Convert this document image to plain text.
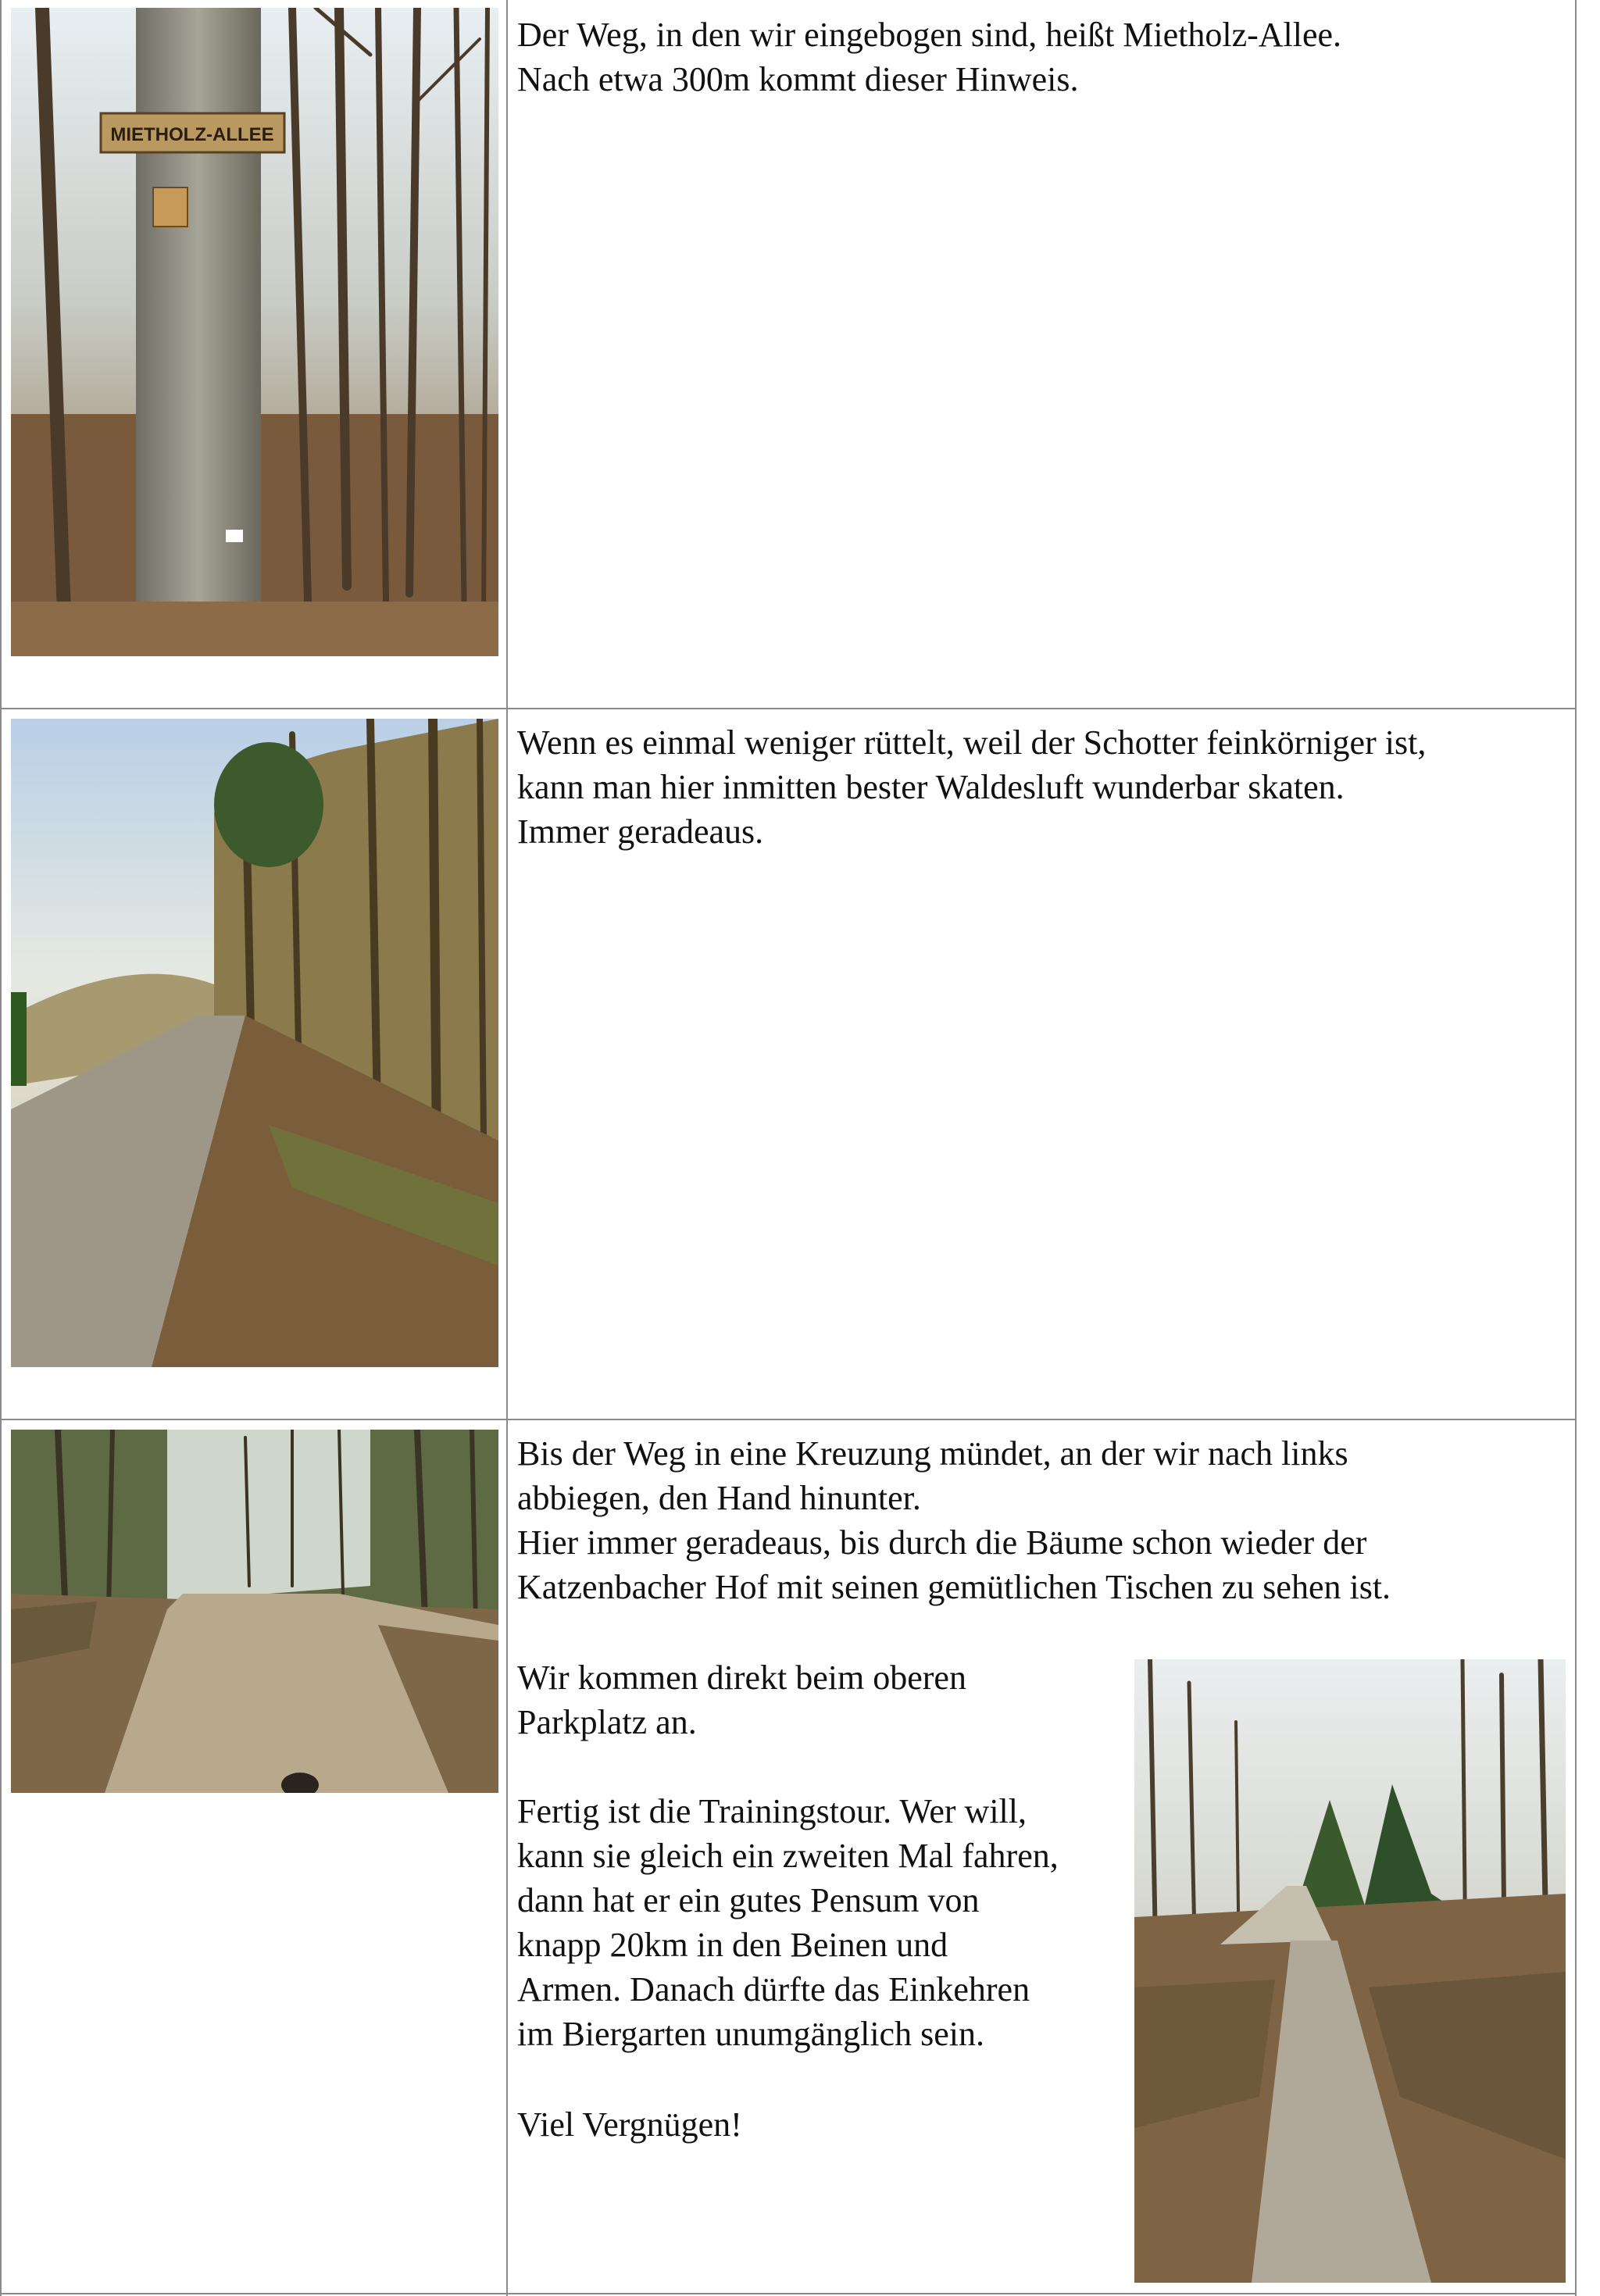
MIETHOLZ-ALLEE
Der Weg, in den wir eingebogen sind, heißt Mietholz-Allee.
Nach etwa 300m kommt dieser Hinweis.
Wenn es einmal weniger rüttelt, weil der Schotter feinkörniger ist,
kann man hier inmitten bester Waldesluft wunderbar skaten.
Immer geradeaus.
Bis der Weg in eine Kreuzung mündet, an der wir nach links
abbiegen, den Hand hinunter.
Hier immer geradeaus, bis durch die Bäume schon wieder der
Katzenbacher Hof mit seinen gemütlichen Tischen zu sehen ist.
Wir kommen direkt beim oberen
Parkplatz an.
Fertig ist die Trainingstour. Wer will,
kann sie gleich ein zweiten Mal fahren,
dann hat er ein gutes Pensum von
knapp 20km in den Beinen und
Armen. Danach dürfte das Einkehren
im Biergarten unumgänglich sein.
Viel Vergnügen!
